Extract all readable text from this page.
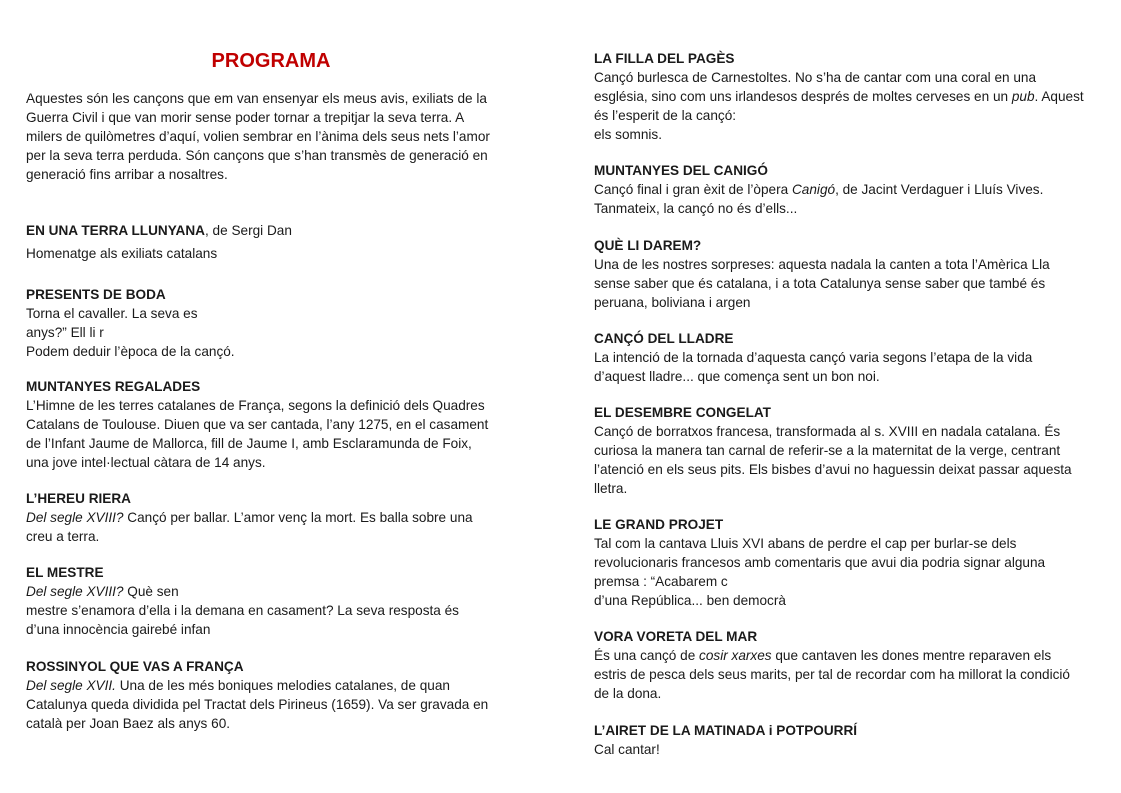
PROGRAMA
Aquestes són les cançons que em van ensenyar els meus avis, exiliats de la
Guerra Civil i que van morir sense poder tornar a trepitjar la seva terra. A
milers de quilòmetres d’aquí, volien sembrar en l’ànima dels seus nets l’amor
per la seva terra perduda. Són cançons que s’han transmès de generació en
generació fins arribar a nosaltres.
EN UNA TERRA LLUNYANA, de Sergi Dan
Homenatge als exiliats catalans
PRESENTS DE BODA
Torna el cavaller. La seva es
anys?” Ell li r
Podem deduir l’època de la cançó.
MUNTANYES REGALADES
L’Himne de les terres catalanes de França, segons la definició dels Quadres
Catalans de Toulouse. Diuen que va ser cantada, l’any 1275, en el casament
de l’Infant Jaume de Mallorca, fill de Jaume I, amb Esclaramunda de Foix,
una jove intel·lectual càtara de 14 anys.
L’HEREU RIERA
Del segle XVIII? Cançó per ballar. L’amor venç la mort. Es balla sobre una
creu a terra.
EL MESTRE
Del segle XVIII? Què sen
mestre s’enamora d’ella i la demana en casament? La seva resposta és
d’una innocència gairebé infan
ROSSINYOL QUE VAS A FRANÇA
Del segle XVII. Una de les més boniques melodies catalanes, de quan
Catalunya queda dividida pel Tractat dels Pirineus (1659). Va ser gravada en
català per Joan Baez als anys 60.
LA FILLA DEL PAGÈS
Cançó burlesca de Carnestoltes. No s’ha de cantar com una coral en una
església, sino com uns irlandesos després de moltes cerveses en un pub. Aquest
és l’esperit de la cançó:
els somnis.
MUNTANYES DEL CANIGÓ
Cançó final i gran èxit de l’òpera Canigó, de Jacint Verdaguer i Lluís Vives.
Tanmateix, la cançó no és d’ells...
QUÈ LI DAREM?
Una de les nostres sorpreses: aquesta nadala la canten a tota l’Amèrica Lla
sense saber que és catalana, i a tota Catalunya sense saber que també és
peruana, boliviana i argen
CANÇÓ DEL LLADRE
La intenció de la tornada d’aquesta cançó varia segons l’etapa de la vida
d’aquest lladre... que comença sent un bon noi.
EL DESEMBRE CONGELAT
Cançó de borratxos francesa, transformada al s. XVIII en nadala catalana. És
curiosa la manera tan carnal de referir-se a la maternitat de la verge, centrant
l’atenció en els seus pits. Els bisbes d’avui no haguessin deixat passar aquesta
lletra.
LE GRAND PROJET
Tal com la cantava Lluis XVI abans de perdre el cap per burlar-se dels
revolucionaris francesos amb comentaris que avui dia podria signar alguna
premsa : “Acabarem c
d’una República... ben democrà
VORA VORETA DEL MAR
És una cançó de cosir xarxes que cantaven les dones mentre reparaven els
estris de pesca dels seus marits, per tal de recordar com ha millorat la condició
de la dona.
L’AIRET DE LA MATINADA i POTPOURRÍ
Cal cantar!
